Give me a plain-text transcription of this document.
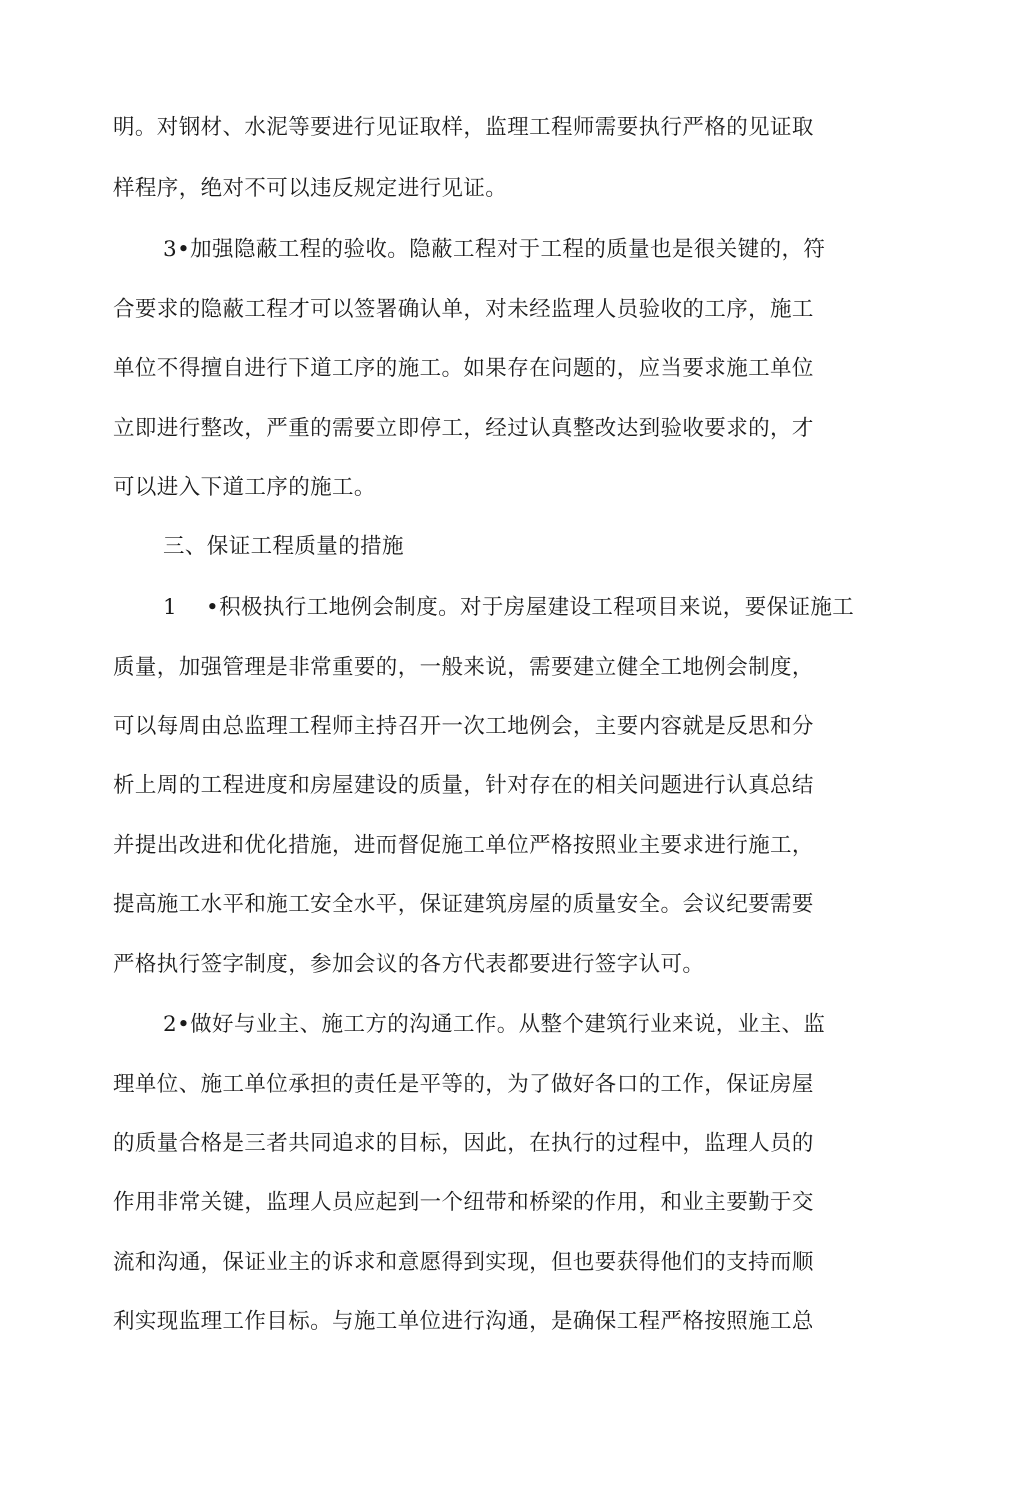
明。对钢材、水泥等要进行见证取样，监理工程师需要执行严格的见证取
样程序，绝对不可以违反规定进行见证。
3•加强隐蔽工程的验收。隐蔽工程对于工程的质量也是很关键的，符
合要求的隐蔽工程才可以签署确认单，对未经监理人员验收的工序，施工
单位不得擅自进行下道工序的施工。如果存在问题的，应当要求施工单位
立即进行整改，严重的需要立即停工，经过认真整改达到验收要求的，才
可以进入下道工序的施工。
三、保证工程质量的措施
1    •积极执行工地例会制度。对于房屋建设工程项目来说，要保证施工
质量，加强管理是非常重要的，一般来说，需要建立健全工地例会制度，
可以每周由总监理工程师主持召开一次工地例会，主要内容就是反思和分
析上周的工程进度和房屋建设的质量，针对存在的相关问题进行认真总结
并提出改进和优化措施，进而督促施工单位严格按照业主要求进行施工，
提高施工水平和施工安全水平，保证建筑房屋的质量安全。会议纪要需要
严格执行签字制度，参加会议的各方代表都要进行签字认可。
2•做好与业主、施工方的沟通工作。从整个建筑行业来说，业主、监
理单位、施工单位承担的责任是平等的，为了做好各口的工作，保证房屋
的质量合格是三者共同追求的目标，因此，在执行的过程中，监理人员的
作用非常关键，监理人员应起到一个纽带和桥梁的作用，和业主要勤于交
流和沟通，保证业主的诉求和意愿得到实现，但也要获得他们的支持而顺
利实现监理工作目标。与施工单位进行沟通，是确保工程严格按照施工总
